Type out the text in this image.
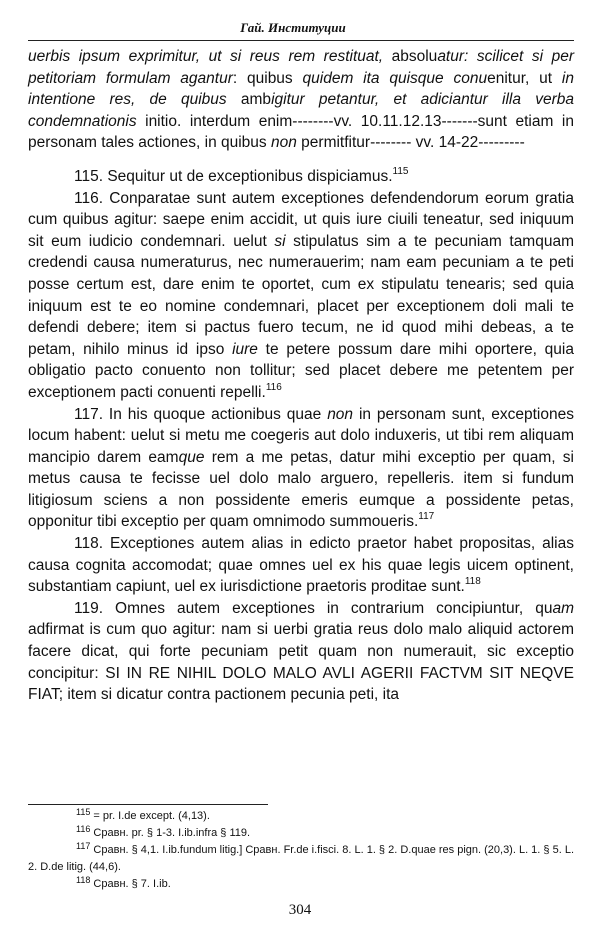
Гай. Институции

uerbis ipsum exprimitur, ut si reus rem restituat, absoluatur: scilicet si per petitoriam formulam agantur: quibus quidem ita quisque conuenitur, ut in intentione res, de quibus ambigitur petantur, et adiciantur illa verba condemnationis initio. interdum enim--------vv. 10.11.12.13-------sunt etiam in personam tales actiones, in quibus non permitfitur-------- vv. 14-22---------

115. Sequitur ut de exceptionibus dispiciamus.$^{115}$

116. Conparatae sunt autem exceptiones defendendorum eorum gratia cum quibus agitur: saepe enim accidit, ut quis iure ciuili teneatur, sed iniquum sit eum iudicio condemnari. uelut si stipulatus sim a te pecuniam tamquam credendi causa numeraturus, nec numerauerim; nam eam pecuniam a te peti posse certum est, dare enim te oportet, cum ex stipulatu tenearis; sed quia iniquum est te eo nomine condemnari, placet per exceptionem doli mali te defendi debere; item si pactus fuero tecum, ne id quod mihi debeas, a te petam, nihilo minus id ipso iure te petere possum dare mihi oportere, quia obligatio pacto conuento non tollitur; sed placet debere me petentem per exceptionem pacti conuenti repelli.$^{116}$

117. In his quoque actionibus quae non in personam sunt, exceptiones locum habent: uelut si metu me coegeris aut dolo induxeris, ut tibi rem aliquam mancipio darem eamque rem a me petas, datur mihi exceptio per quam, si metus causa te fecisse uel dolo malo arguero, repelleris. item si fundum litigiosum sciens a non possidente emeris eumque a possidente petas, opponitur tibi exceptio per quam omnimodo summoueris.$^{117}$

118. Exceptiones autem alias in edicto praetor habet propositas, alias causa cognita accomodat; quae omnes uel ex his quae legis uicem optinent, substantiam capiunt, uel ex iurisdictione praetoris proditae sunt.$^{118}$

119. Omnes autem exceptiones in contrarium concipiuntur, quam adfirmat is cum quo agitur: nam si uerbi gratia reus dolo malo aliquid actorem facere dicat, qui forte pecuniam petit quam non numerauit, sic exceptio concipitur: SI IN RE NIHIL DOLO MALO AVLI AGERII FACTVM SIT NEQVE FIAT; item si dicatur contra pactionem pecunia peti, ita

$^{115}$ = pr. I.de except. (4,13).

$^{116}$ Сравн. pr. § 1-3. I.ib.infra § 119.

$^{117}$ Сравн. § 4,1. I.ib.fundum litig.] Сравн. Fr.de i.fisci. 8. L. 1. § 2. D.quae res pign. (20,3). L. 1. § 5. L. 2. D.de litig. (44,6).

$^{118}$ Сравн. § 7. I.ib.

304
